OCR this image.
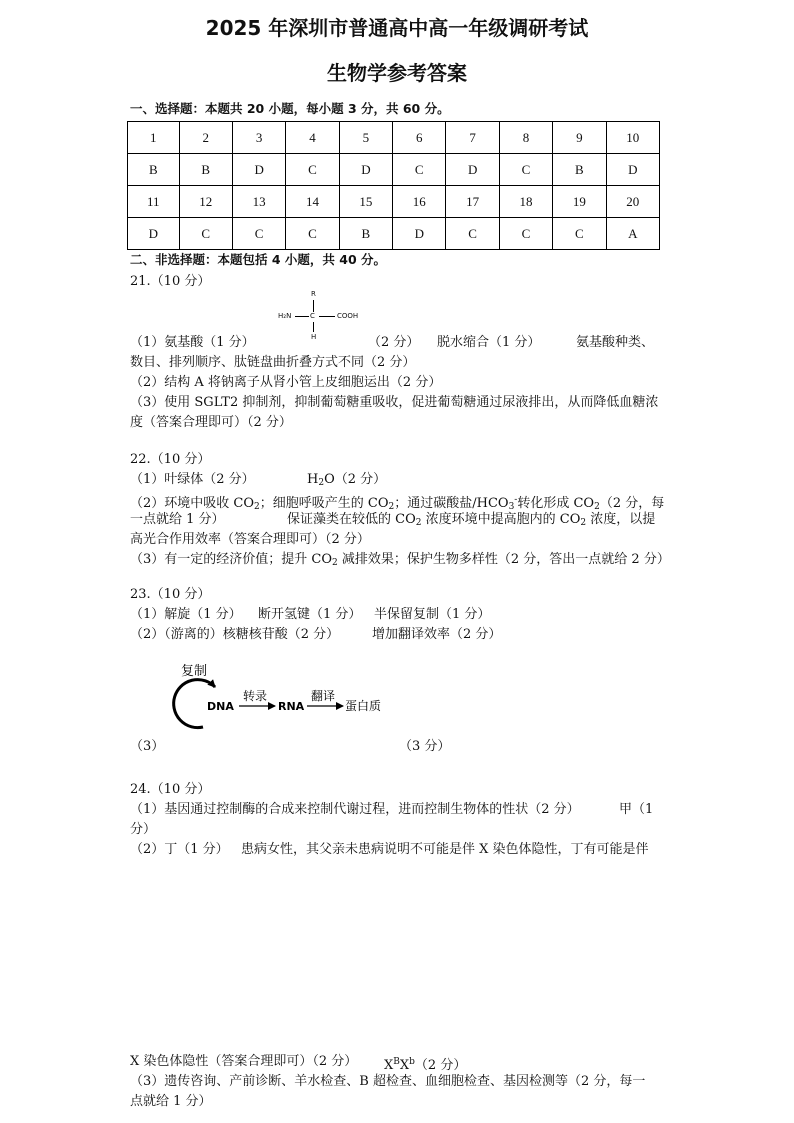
2025 年深圳市普通高中高一年级调研考试
生物学参考答案
一、选择题：本题共 20 小题，每小题 3 分，共 60 分。
1	2	3	4	5	6	7	8	9	10
B	B	D	C	D	C	D	C	B	D
11	12	13	14	15	16	17	18	19	20
D	C	C	C	B	D	C	C	C	A
二、非选择题：本题包括 4 小题，共 40 分。
21.（10 分）
R
H₂N	C	COOH
H
（1）氨基酸（1 分）	（2 分） 脱水缩合（1 分）	氨基酸种类、
数目、排列顺序、肽链盘曲折叠方式不同（2 分）
（2）结构 A 将钠离子从肾小管上皮细胞运出（2 分）
（3）使用 SGLT2 抑制剂，抑制葡萄糖重吸收，促进葡萄糖通过尿液排出，从而降低血糖浓
度（答案合理即可）（2 分）
22.（10 分）
（1）叶绿体（2 分）	$H_2O(2$ 分）
（2）环境中吸收 $CO_2$；细胞呼吸产生的 $CO_2$；通过碳酸盐$/HCO_3^-$转化形成 $CO_2(2$ 分，每
一点就给 1 分）	保证藻类在较低的 $CO_2$ 浓度环境中提高胞内的 $CO_2$ 浓度，以提
高光合作用效率（答案合理即可）（2 分）
（3）有一定的经济价值；提升 $CO_2$ 减排效果；保护生物多样性（2 分，答出一点就给 2 分）
23.（10 分）
（1）解旋（1 分） 断开氢键（1 分） 半保留复制（1 分）
（2）（游离的）核糖核苷酸（2 分）	增加翻译效率（2 分）
复制
DNA
转录
RNA
翻译
蛋白质
（3）	（3 分）
24.（10 分）
（1）基因通过控制酶的合成来控制代谢过程，进而控制生物体的性状（2 分）	甲（1
分）
（2）丁（1 分） 患病女性，其父亲未患病说明不可能是伴 X 染色体隐性，丁有可能是伴
X 染色体隐性（答案合理即可）（2 分） $X^BX^b(2$ 分）
（3）遗传咨询、产前诊断、羊水检查、B 超检查、血细胞检查、基因检测等（2 分，每一
点就给 1 分）
